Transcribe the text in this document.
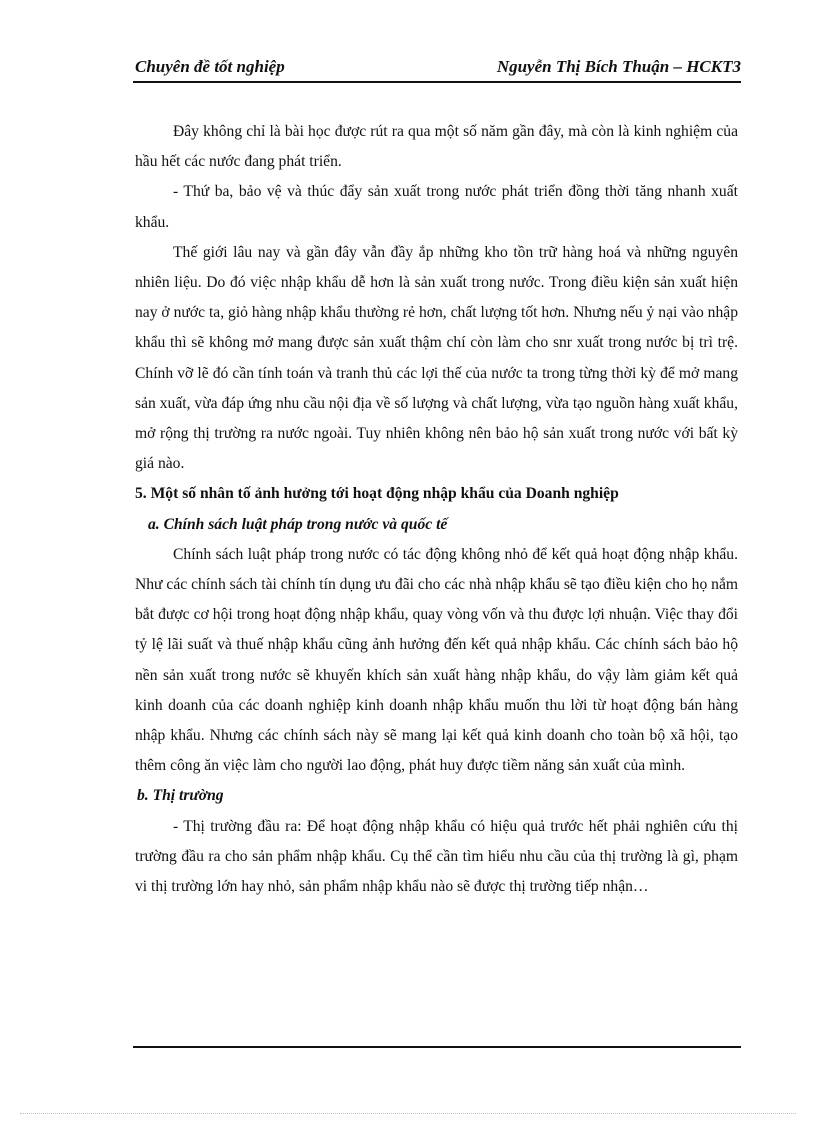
Chuyên đề tốt nghiệp	Nguyễn Thị Bích Thuận – HCKT3

Đây không chỉ là bài học được rút ra qua một số năm gần đây, mà còn là kinh nghiệm của hầu hết các nước đang phát triển.

- Thứ ba, bảo vệ và thúc đẩy sản xuất trong nước phát triển đồng thời tăng nhanh xuất khẩu.

Thế giới lâu nay và gần đây vẫn đầy ắp những kho tồn trữ hàng hoá và những nguyên nhiên liệu. Do đó việc nhập khẩu dễ hơn là sản xuất trong nước. Trong điều kiện sản xuất hiện nay ở nước ta, giỏ hàng nhập khẩu thường rẻ hơn, chất lượng tốt hơn. Nhưng nếu ỷ nại vào nhập khẩu thì sẽ không mở mang được sản xuất thậm chí còn làm cho snr xuất trong nước bị trì trệ. Chính vỡ lẽ đó cần tính toán và tranh thủ các lợi thế của nước ta trong từng thời kỳ để mở mang sản xuất, vừa đáp ứng nhu cầu nội địa về số lượng và chất lượng, vừa tạo nguồn hàng xuất khẩu, mở rộng thị trường ra nước ngoài. Tuy nhiên không nên bảo hộ sản xuất trong nước với bất kỳ giá nào.

5. Một số nhân tố ảnh hưởng tới hoạt động nhập khẩu của Doanh nghiệp

a. Chính sách luật pháp trong nước và quốc tế

Chính sách luật pháp trong nước có tác động không nhỏ để kết quả hoạt động nhập khẩu. Như các chính sách tài chính tín dụng ưu đãi cho các nhà nhập khẩu sẽ tạo điều kiện cho họ nắm bắt được cơ hội trong hoạt động nhập khẩu, quay vòng vốn và thu được lợi nhuận. Việc thay đổi tỷ lệ lãi suất và thuế nhập khẩu cũng ảnh hưởng đến kết quả nhập khẩu. Các chính sách bảo hộ nền sản xuất trong nước sẽ khuyến khích sản xuất hàng nhập khẩu, do vậy làm giảm kết quả kinh doanh của các doanh nghiệp kinh doanh nhập khẩu muốn thu lời từ hoạt động bán hàng nhập khẩu. Nhưng các chính sách này sẽ mang lại kết quả kinh doanh cho toàn bộ xã hội, tạo thêm công ăn việc làm cho người lao động, phát huy được tiềm năng sản xuất của mình.

b. Thị trường

- Thị trường đầu ra: Để hoạt động nhập khẩu có hiệu quả trước hết phải nghiên cứu thị trường đầu ra cho sản phẩm nhập khẩu. Cụ thể cần tìm hiểu nhu cầu của thị trường là gì, phạm vi thị trường lớn hay nhỏ, sản phẩm nhập khẩu nào sẽ được thị trường tiếp nhận…
